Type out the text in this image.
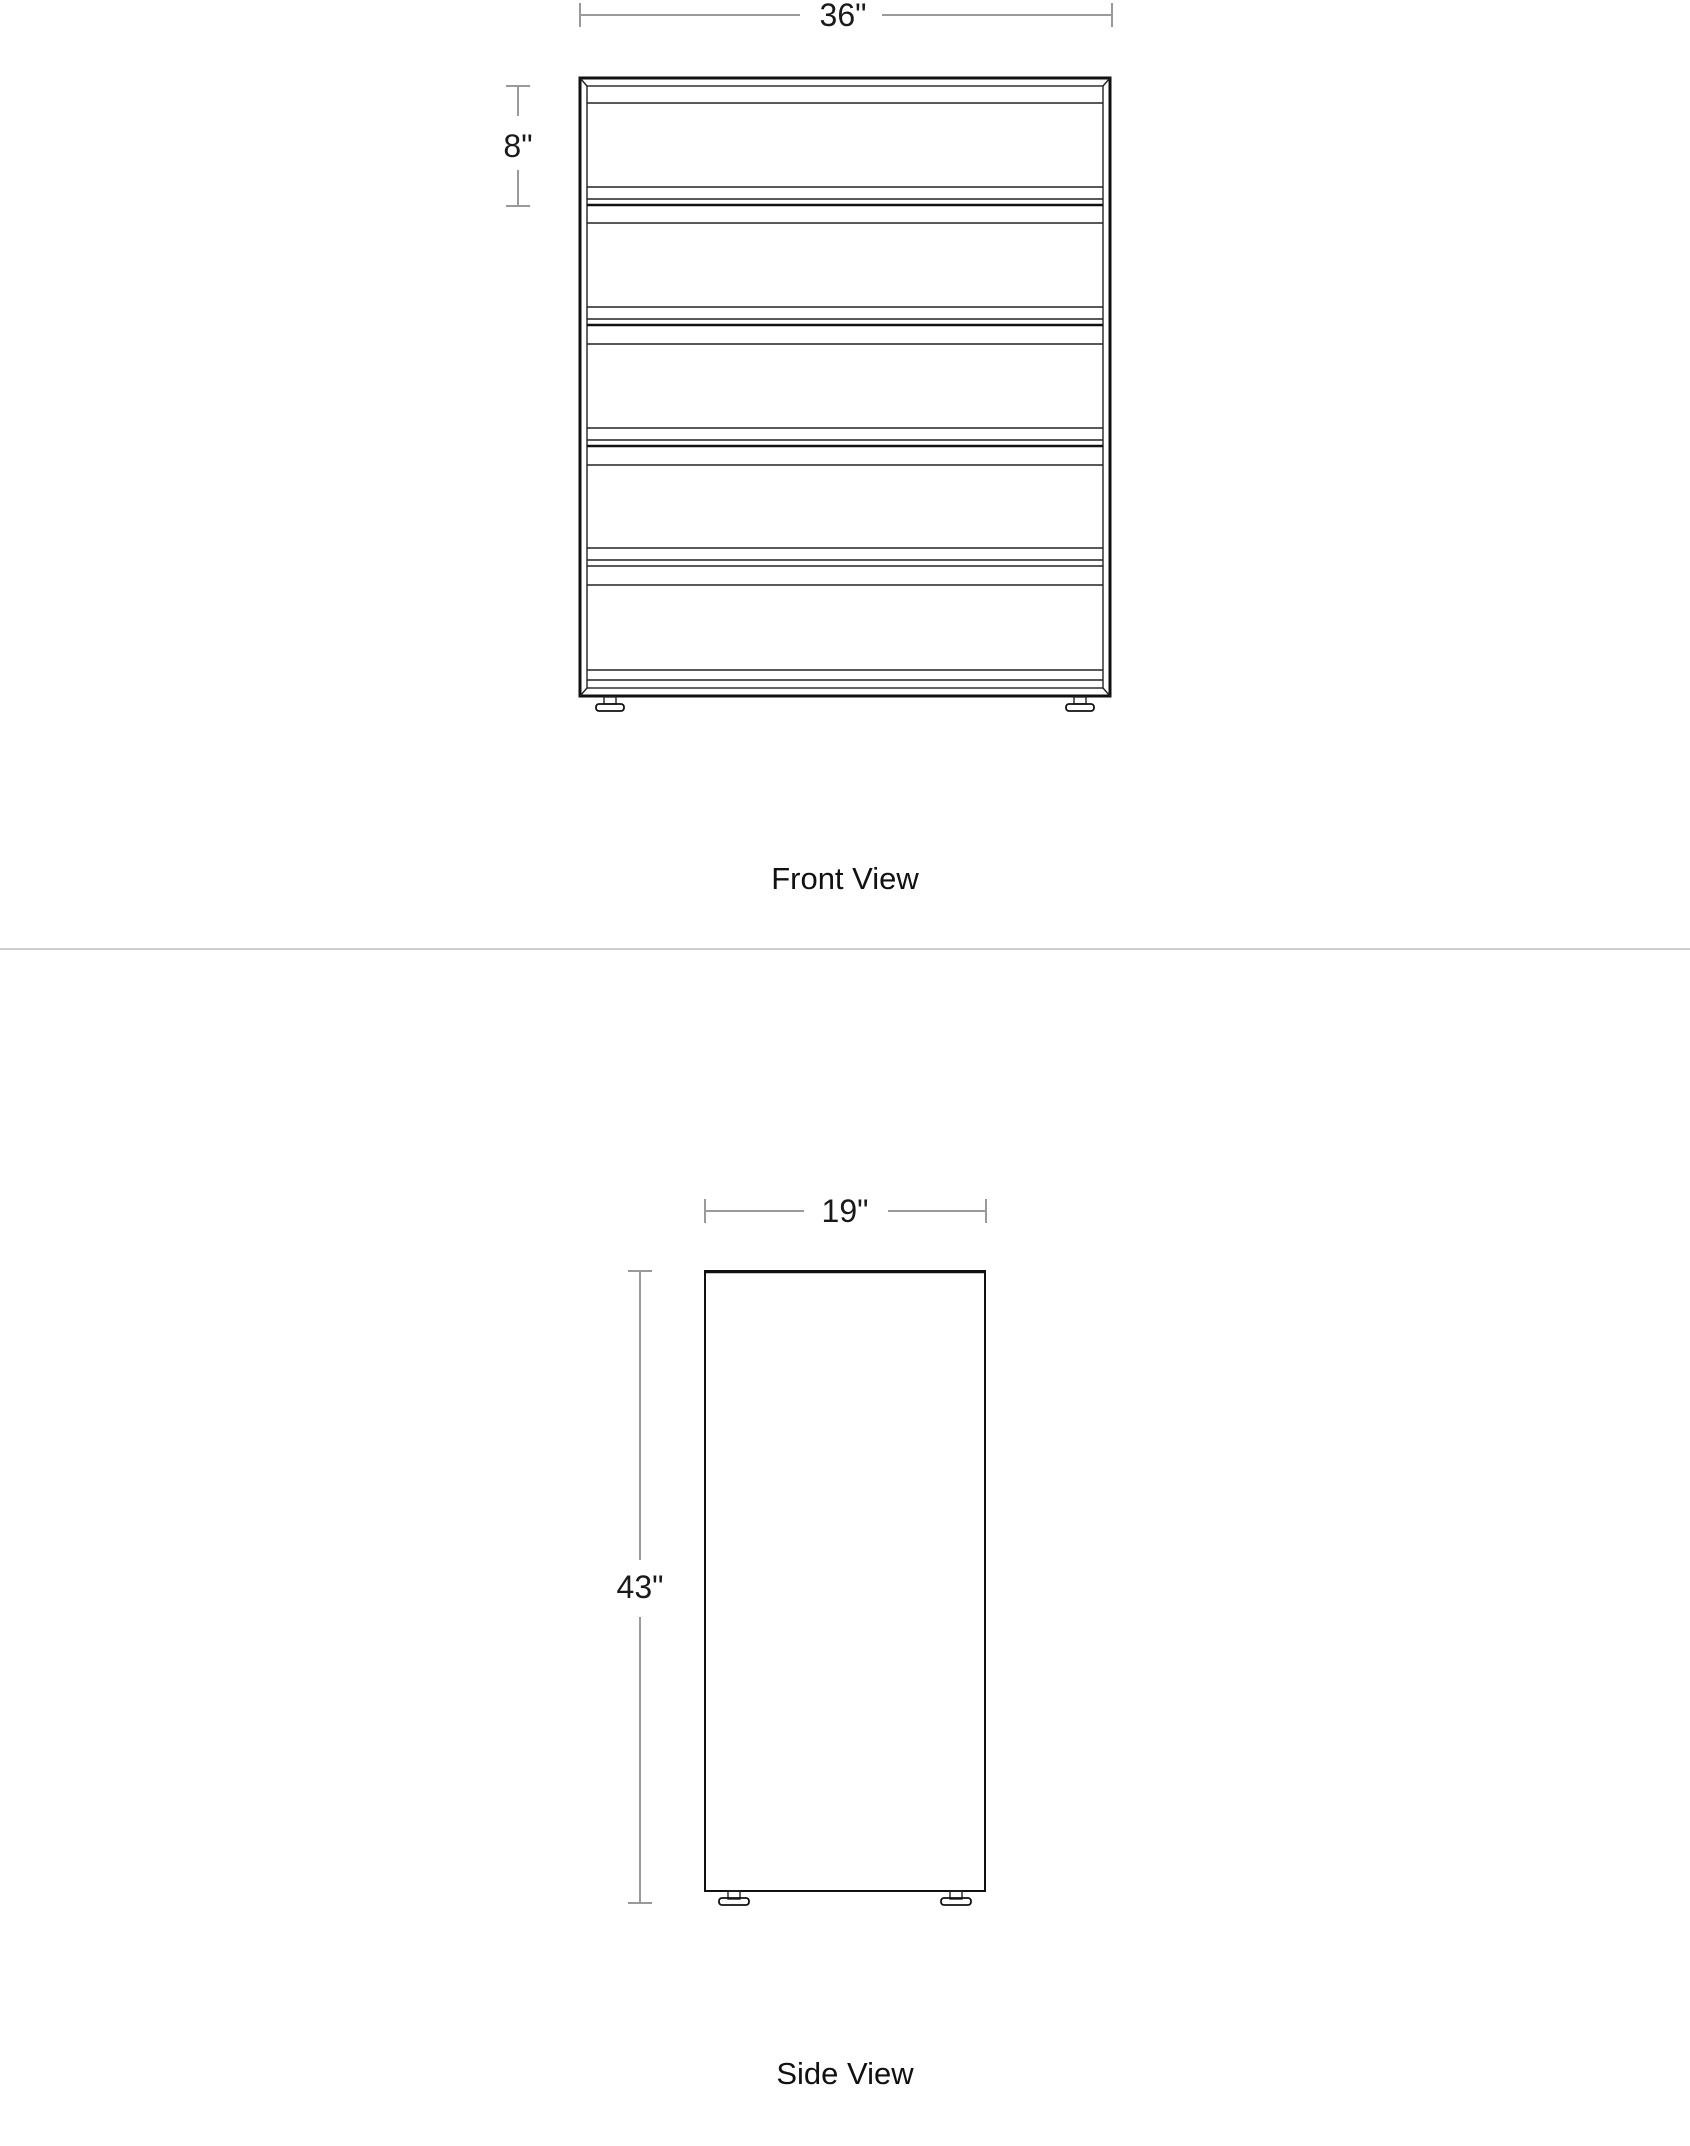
36"
8"
Front View
19"
43"
Side View
